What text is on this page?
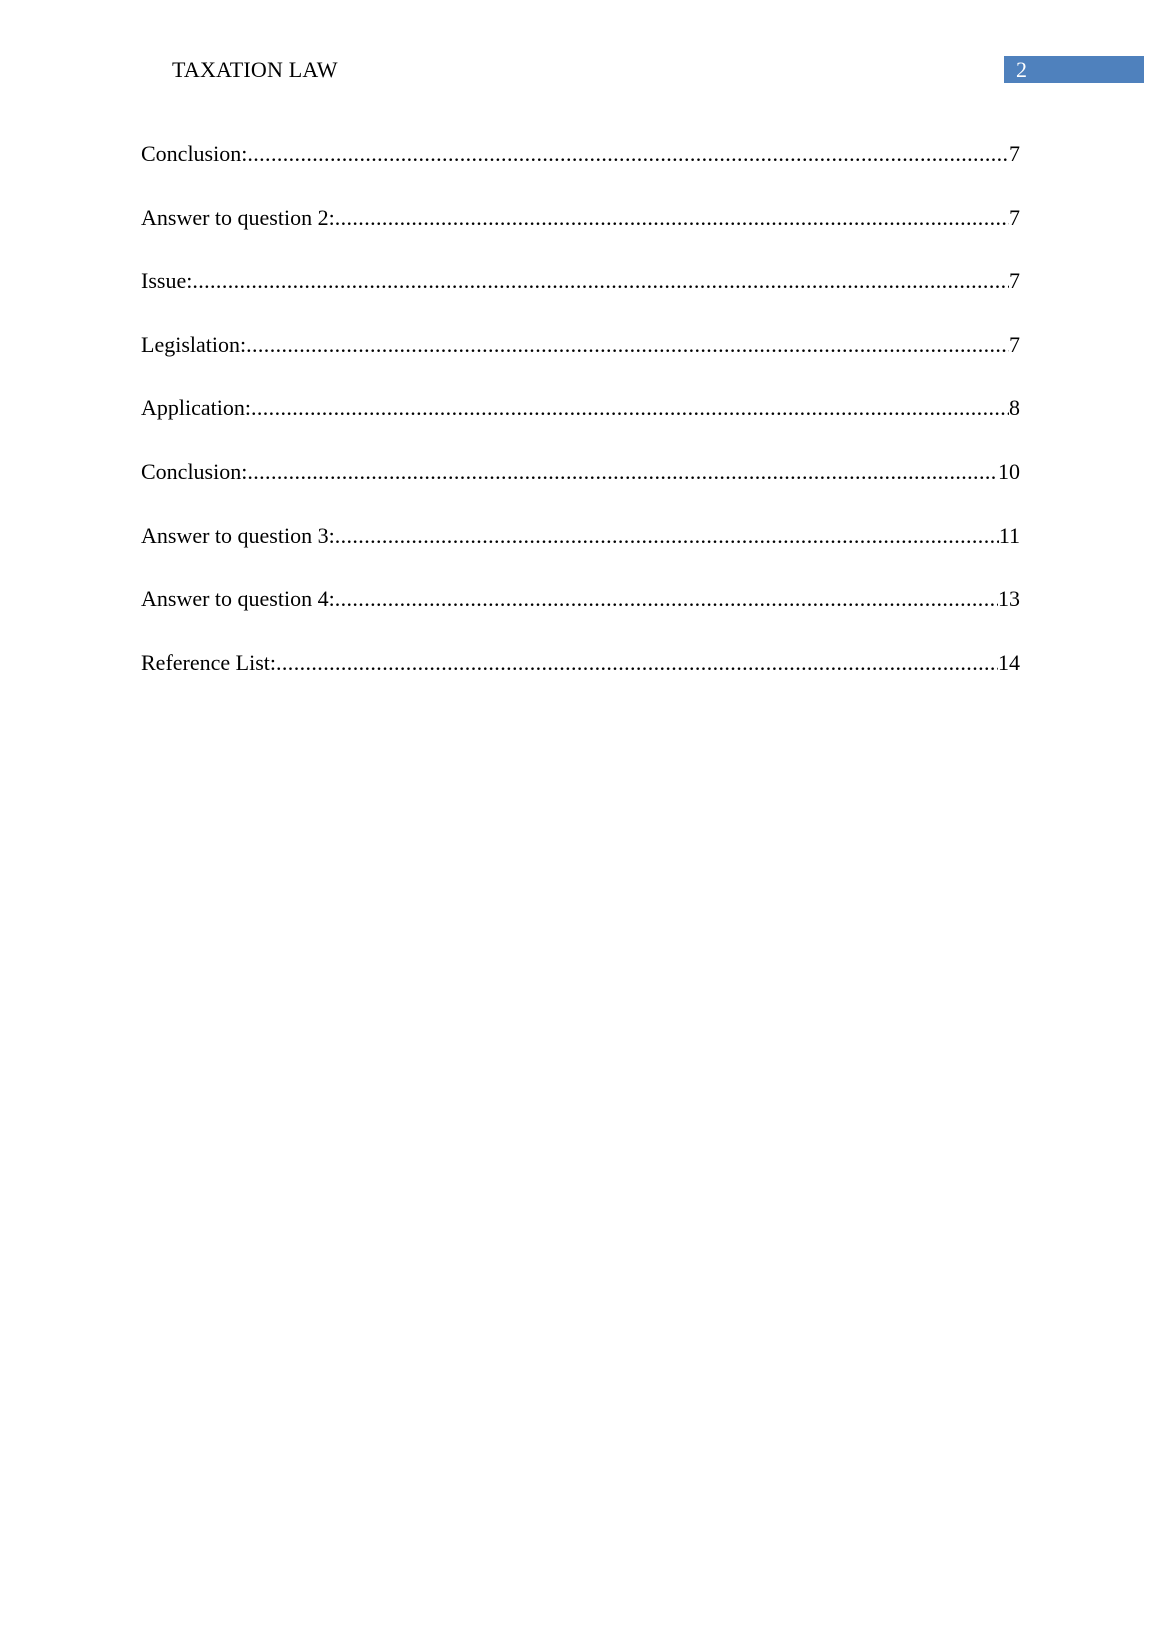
TAXATION LAW	2
Conclusion: .....	7
Answer to question 2: .....	7
Issue: .....	7
Legislation: .....	7
Application: .....	8
Conclusion: .....	10
Answer to question 3: .....	11
Answer to question 4: .....	13
Reference List: .....	14
